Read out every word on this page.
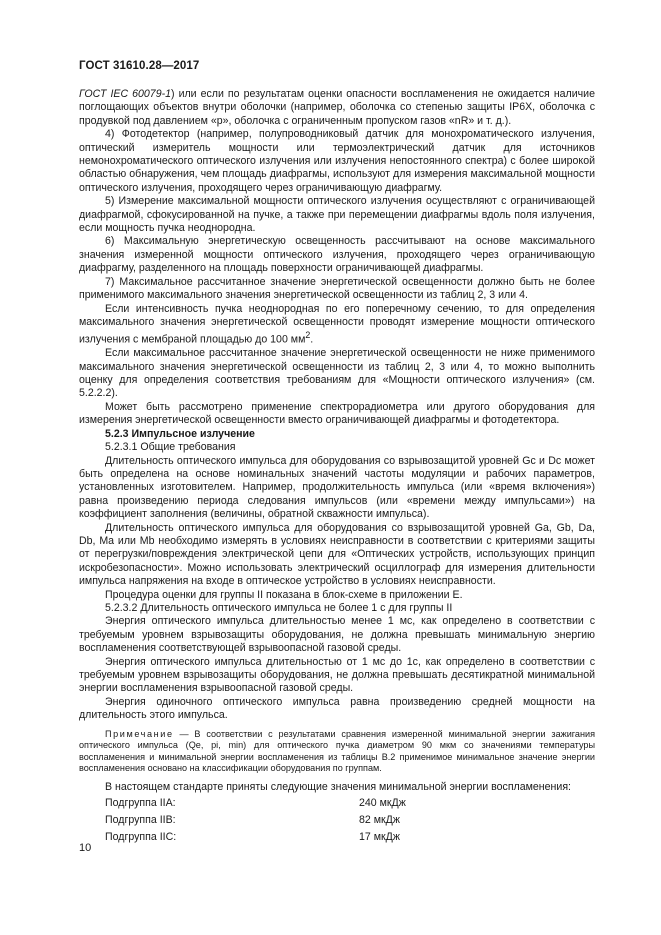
ГОСТ 31610.28—2017

ГОСТ IEC 60079-1) или если по результатам оценки опасности воспламенения не ожидается наличие поглощающих объектов внутри оболочки (например, оболочка со степенью защиты IP6X, оболочка с продувкой под давлением «р», оболочка с ограниченным пропуском газов «nR» и т. д.).

4) Фотодетектор (например, полупроводниковый датчик для монохроматического излучения, оптический измеритель мощности или термоэлектрический датчик для источников немонохроматического оптического излучения или излучения непостоянного спектра) с более широкой областью обнаружения, чем площадь диафрагмы, используют для измерения максимальной мощности оптического излучения, проходящего через ограничивающую диафрагму.

5) Измерение максимальной мощности оптического излучения осуществляют с ограничивающей диафрагмой, сфокусированной на пучке, а также при перемещении диафрагмы вдоль поля излучения, если мощность пучка неоднородна.

6) Максимальную энергетическую освещенность рассчитывают на основе максимального значения измеренной мощности оптического излучения, проходящего через ограничивающую диафрагму, разделенного на площадь поверхности ограничивающей диафрагмы.

7) Максимальное рассчитанное значение энергетической освещенности должно быть не более применимого максимального значения энергетической освещенности из таблиц 2, 3 или 4.

Если интенсивность пучка неоднородная по его поперечному сечению, то для определения максимального значения энергетической освещенности проводят измерение мощности оптического излучения с мембраной площадью до 100 $мм^2$.

Если максимальное рассчитанное значение энергетической освещенности не ниже применимого максимального значения энергетической освещенности из таблиц 2, 3 или 4, то можно выполнить оценку для определения соответствия требованиям для «Мощности оптического излучения» (см. 5.2.2.2).

Может быть рассмотрено применение спектрорадиометра или другого оборудования для измерения энергетической освещенности вместо ограничивающей диафрагмы и фотодетектора.

5.2.3 Импульсное излучение

5.2.3.1 Общие требования

Длительность оптического импульса для оборудования со взрывозащитой уровней Gc и Dc может быть определена на основе номинальных значений частоты модуляции и рабочих параметров, установленных изготовителем. Например, продолжительность импульса (или «время включения») равна произведению периода следования импульсов (или «времени между импульсами») на коэффициент заполнения (величины, обратной скважности импульса).

Длительность оптического импульса для оборудования со взрывозащитой уровней Ga, Gb, Da, Db, Ma или Mb необходимо измерять в условиях неисправности в соответствии с критериями защиты от перегрузки/повреждения электрической цепи для «Оптических устройств, использующих принцип искробезопасности». Можно использовать электрический осциллограф для измерения длительности импульса напряжения на входе в оптическое устройство в условиях неисправности.

Процедура оценки для группы II показана в блок-схеме в приложении Е.

5.2.3.2 Длительность оптического импульса не более 1 с для группы II

Энергия оптического импульса длительностью менее 1 мс, как определено в соответствии с требуемым уровнем взрывозащиты оборудования, не должна превышать минимальную энергию воспламенения соответствующей взрывоопасной газовой среды.

Энергия оптического импульса длительностью от 1 мс до 1с, как определено в соответствии с требуемым уровнем взрывозащиты оборудования, не должна превышать десятикратной минимальной энергии воспламенения взрывоопасной газовой среды.

Энергия одиночного оптического импульса равна произведению средней мощности на длительность этого импульса.

Примечание — В соответствии с результатами сравнения измеренной минимальной энергии зажигания оптического импульса (Qe, pi, min) для оптического пучка диаметром 90 мкм со значениями температуры воспламенения и минимальной энергии воспламенения из таблицы В.2 применимое минимальное значение энергии воспламенения основано на классификации оборудования по группам.

В настоящем стандарте приняты следующие значения минимальной энергии воспламенения:

Подгруппа IIA:	240 мкДж
Подгруппа IIB:	82 мкДж
Подгруппа IIC:	17 мкДж
10
